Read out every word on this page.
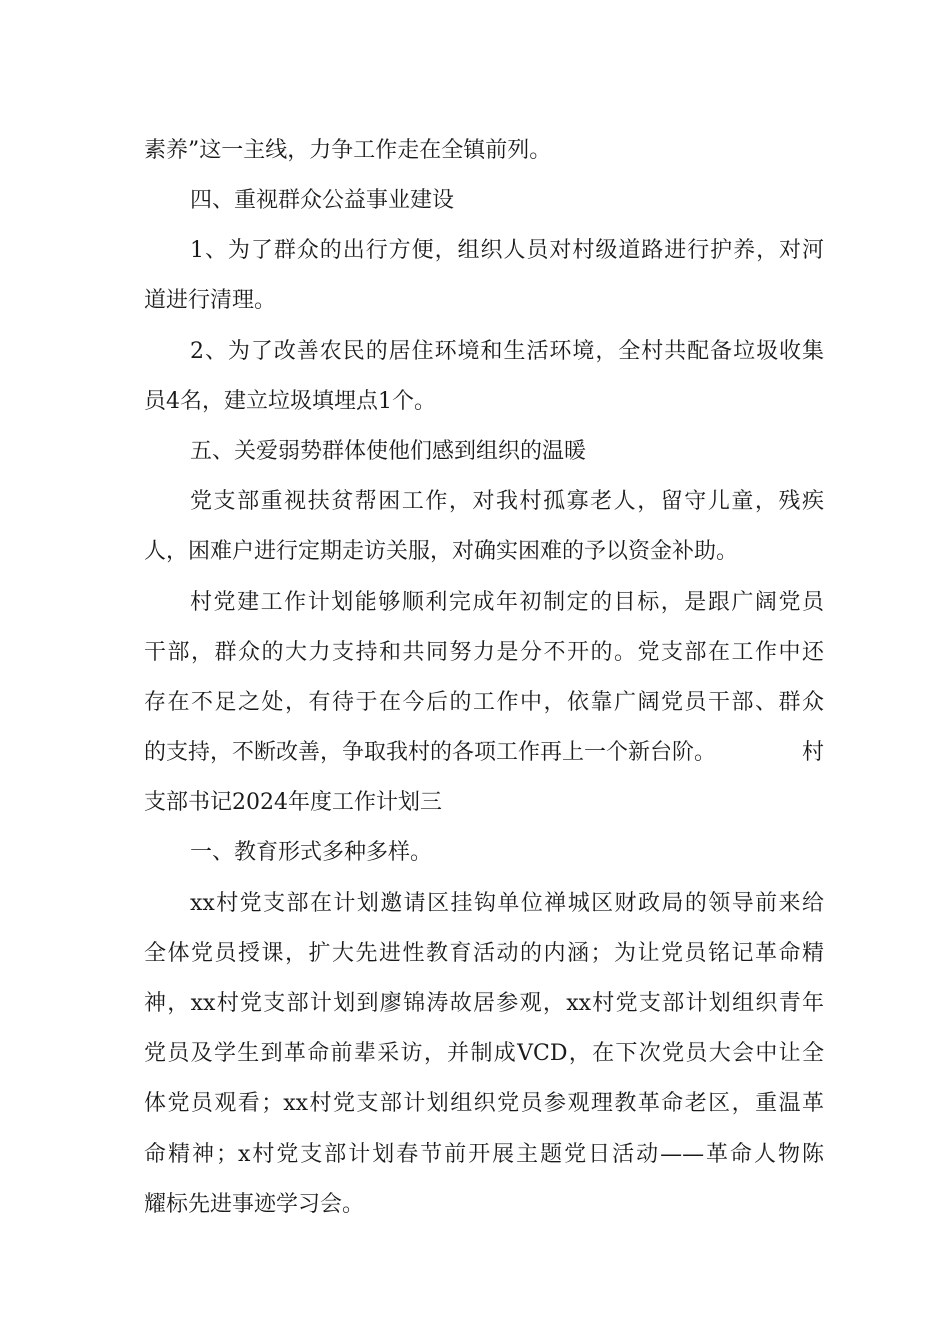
素养”这一主线，力争工作走在全镇前列。
四、重视群众公益事业建设
1、为了群众的出行方便，组织人员对村级道路进行护养，对河
道进行清理。
2、为了改善农民的居住环境和生活环境，全村共配备垃圾收集
员4名，建立垃圾填埋点1个。
五、关爱弱势群体使他们感到组织的温暖
党支部重视扶贫帮困工作，对我村孤寡老人，留守儿童，残疾
人，困难户进行定期走访关服，对确实困难的予以资金补助。
村党建工作计划能够顺利完成年初制定的目标，是跟广阔党员
干部，群众的大力支持和共同努力是分不开的。党支部在工作中还
存在不足之处，有待于在今后的工作中，依靠广阔党员干部、群众
的支持，不断改善，争取我村的各项工作再上一个新台阶。	村
支部书记2024年度工作计划三
一、教育形式多种多样。
xx村党支部在计划邀请区挂钩单位禅城区财政局的领导前来给
全体党员授课，扩大先进性教育活动的内涵；为让党员铭记革命精
神，xx村党支部计划到廖锦涛故居参观，xx村党支部计划组织青年
党员及学生到革命前辈采访，并制成VCD，在下次党员大会中让全
体党员观看；xx村党支部计划组织党员参观理教革命老区，重温革
命精神；x村党支部计划春节前开展主题党日活动——革命人物陈
耀标先进事迹学习会。
